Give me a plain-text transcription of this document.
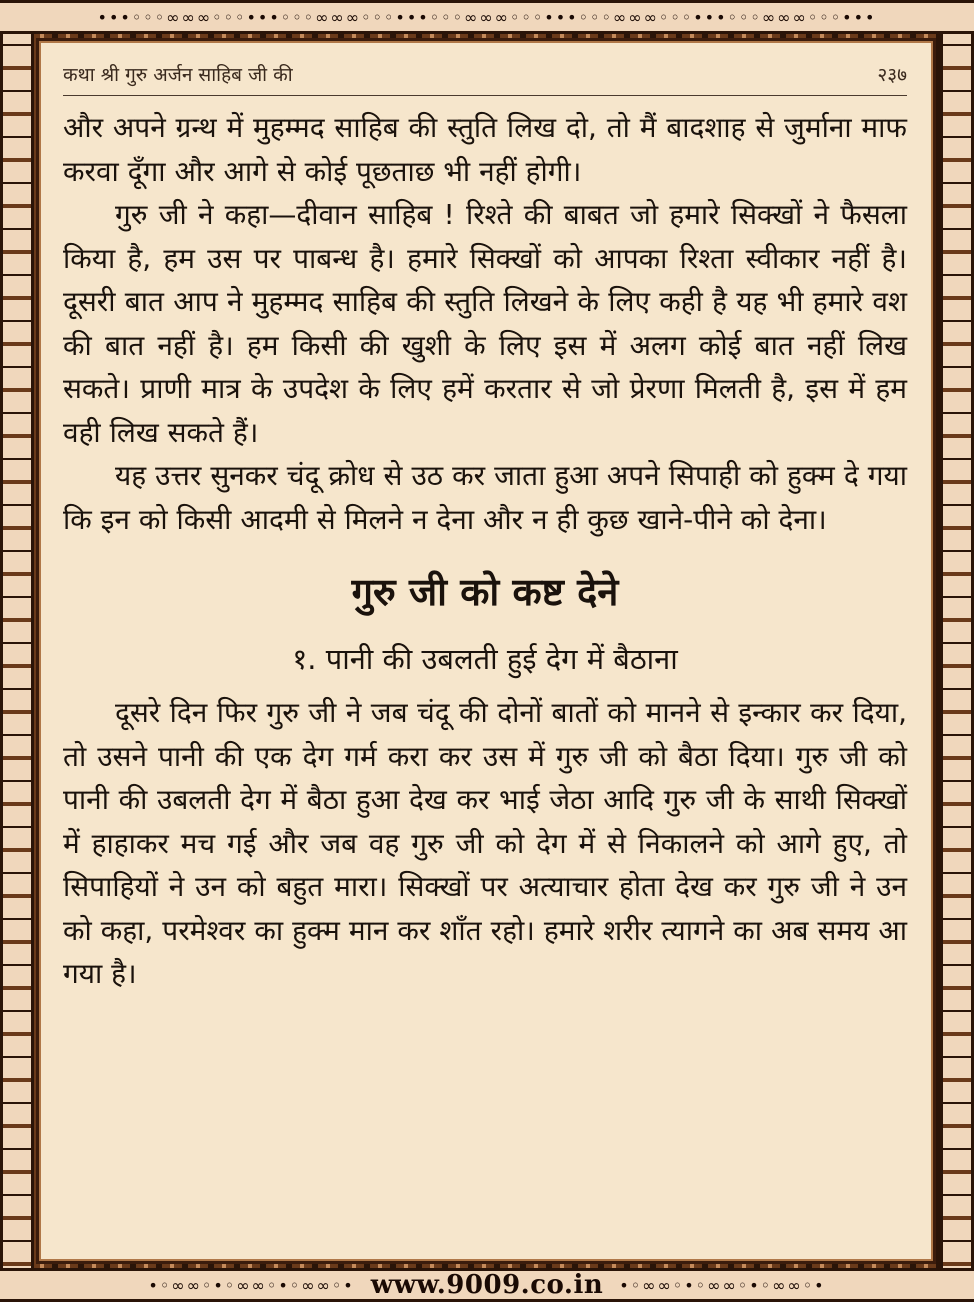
•••◦◦◦∞∞∞◦◦◦•••◦◦◦∞∞∞◦◦◦•••◦◦◦∞∞∞◦◦◦•••◦◦◦∞∞∞◦◦◦•••◦◦◦∞∞∞◦◦◦•••
•◦∞∞◦•◦∞∞◦•◦∞∞◦• www.9009.co.in	•◦∞∞◦•◦∞∞◦•◦∞∞◦•
कथा श्री गुरु अर्जन साहिब जी की	२३७

और अपने ग्रन्थ में मुहम्मद साहिब की स्तुति लिख दो, तो मैं बादशाह से जुर्माना माफ करवा दूँगा और आगे से कोई पूछताछ भी नहीं होगी।

गुरु जी ने कहा—दीवान साहिब ! रिश्ते की बाबत जो हमारे सिक्खों ने फैसला किया है, हम उस पर पाबन्ध है। हमारे सिक्खों को आपका रिश्ता स्वीकार नहीं है। दूसरी बात आप ने मुहम्मद साहिब की स्तुति लिखने के लिए कही है यह भी हमारे वश की बात नहीं है। हम किसी की खुशी के लिए इस में अलग कोई बात नहीं लिख सकते। प्राणी मात्र के उपदेश के लिए हमें करतार से जो प्रेरणा मिलती है, इस में हम वही लिख सकते हैं।

यह उत्तर सुनकर चंदू क्रोध से उठ कर जाता हुआ अपने सिपाही को हुक्म दे गया कि इन को किसी आदमी से मिलने न देना और न ही कुछ खाने-पीने को देना।

गुरु जी को कष्ट देने
१. पानी की उबलती हुई देग में बैठाना

दूसरे दिन फिर गुरु जी ने जब चंदू की दोनों बातों को मानने से इन्कार कर दिया, तो उसने पानी की एक देग गर्म करा कर उस में गुरु जी को बैठा दिया। गुरु जी को पानी की उबलती देग में बैठा हुआ देख कर भाई जेठा आदि गुरु जी के साथी सिक्खों में हाहाकर मच गई और जब वह गुरु जी को देग में से निकालने को आगे हुए, तो सिपाहियों ने उन को बहुत मारा। सिक्खों पर अत्याचार होता देख कर गुरु जी ने उन को कहा, परमेश्वर का हुक्म मान कर शाँत रहो। हमारे शरीर त्यागने का अब समय आ गया है।
